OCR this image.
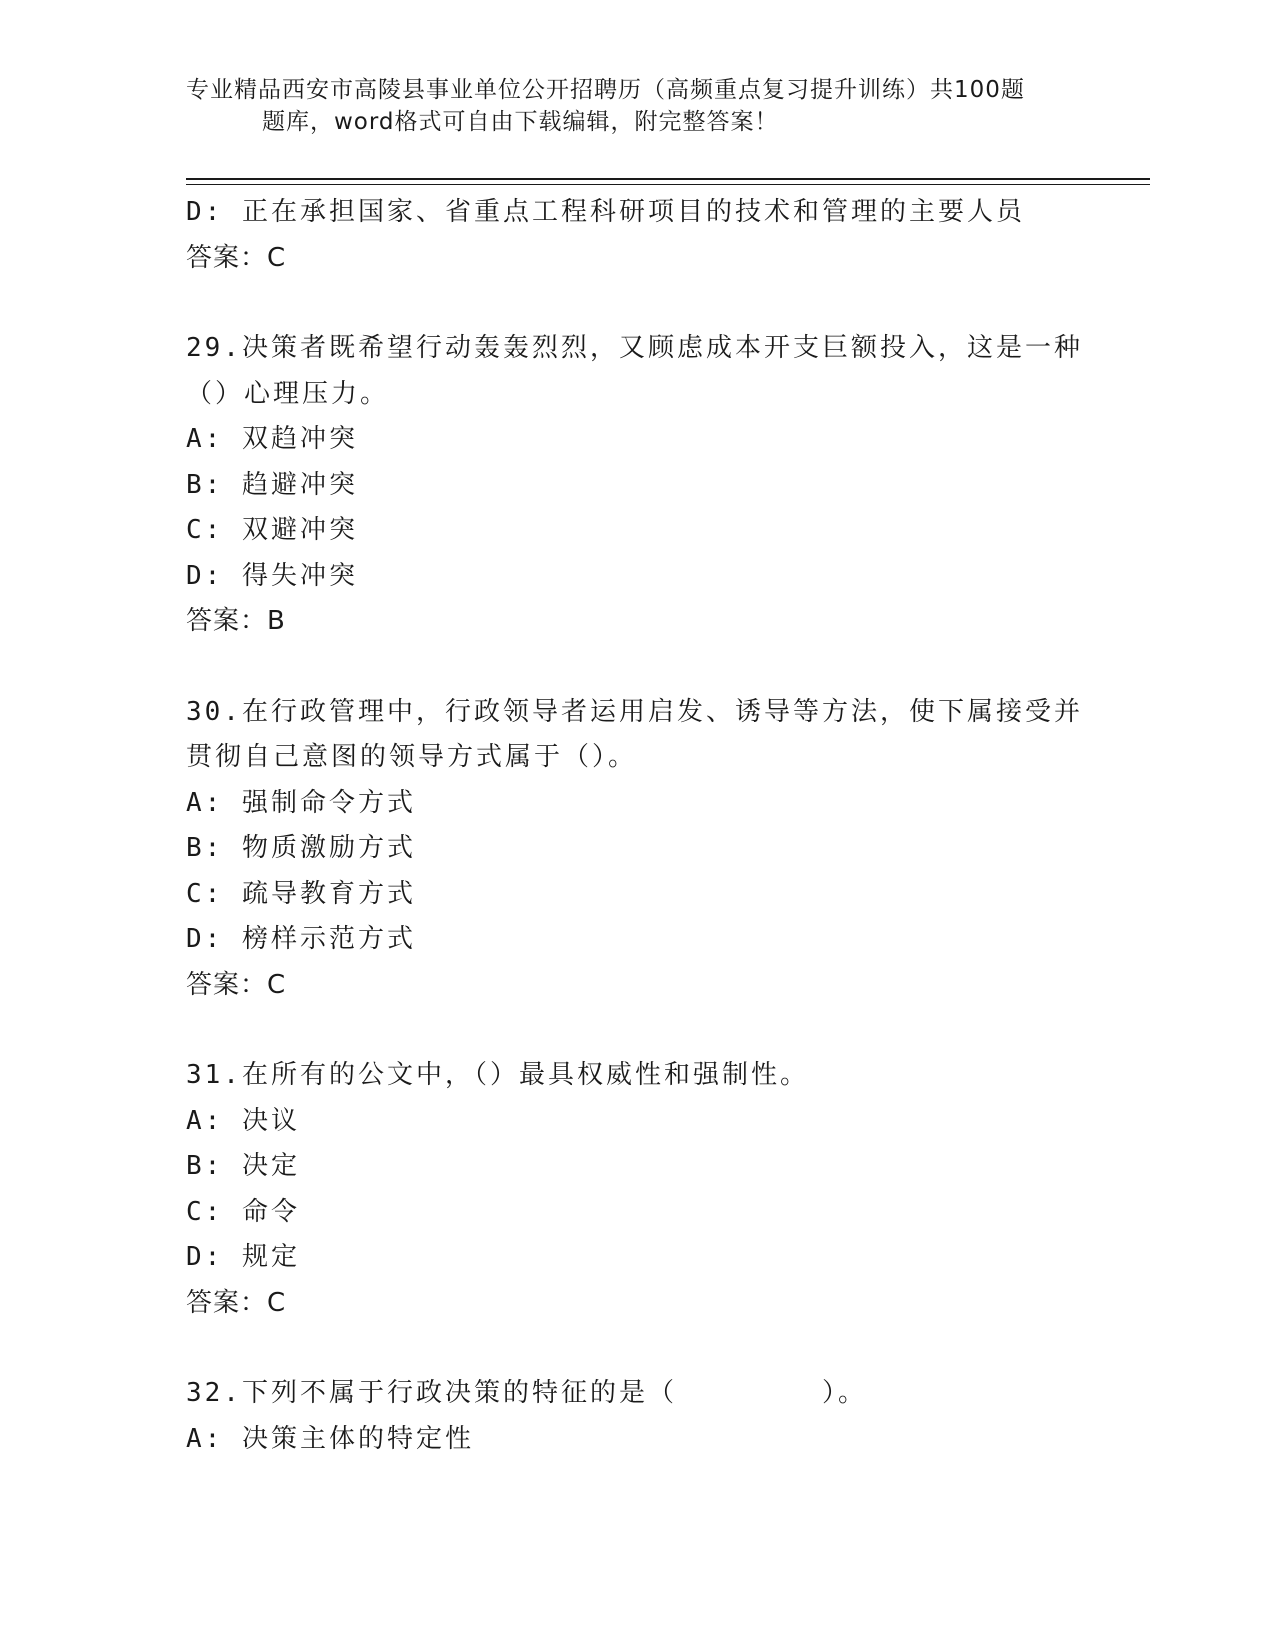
专业精品西安市高陵县事业单位公开招聘历（高频重点复习提升训练）共100题
题库，word格式可自由下载编辑，附完整答案！
D: 正在承担国家、省重点工程科研项目的技术和管理的主要人员
答案：C
29.决策者既希望行动轰轰烈烈，又顾虑成本开支巨额投入，这是一种
（）心理压力。
A: 双趋冲突
B: 趋避冲突
C: 双避冲突
D: 得失冲突
答案：B
30.在行政管理中，行政领导者运用启发、诱导等方法，使下属接受并
贯彻自己意图的领导方式属于（）。
A: 强制命令方式
B: 物质激励方式
C: 疏导教育方式
D: 榜样示范方式
答案：C
31.在所有的公文中，（）最具权威性和强制性。
A: 决议
B: 决定
C: 命令
D: 规定
答案：C
32.下列不属于行政决策的特征的是（　　　　　）。
A: 决策主体的特定性
